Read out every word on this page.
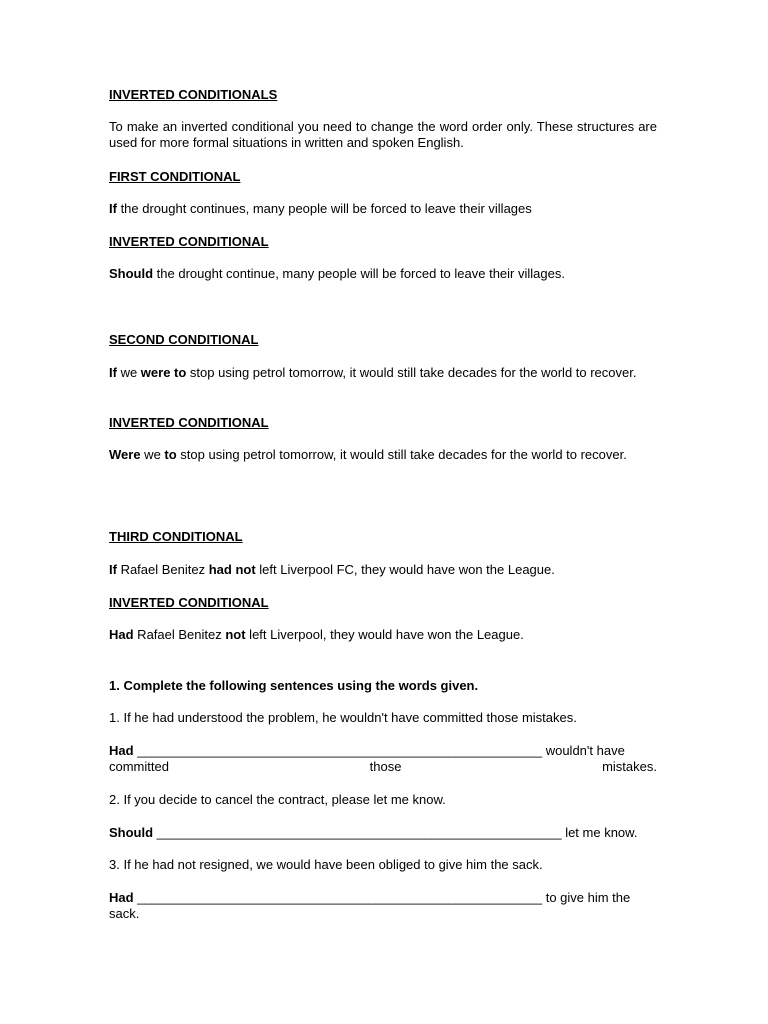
INVERTED CONDITIONALS

To make an inverted conditional you need to change the word order only. These structures are used for more formal situations in written and spoken English.

FIRST CONDITIONAL

If the drought continues, many people will be forced to leave their villages

INVERTED CONDITIONAL

Should the drought continue, many people will be forced to leave their villages.

SECOND CONDITIONAL

If we were to stop using petrol tomorrow, it would still take decades for the world to recover.

INVERTED CONDITIONAL

Were we to stop using petrol tomorrow, it would still take decades for the world to recover.

THIRD CONDITIONAL

If Rafael Benitez had not left Liverpool FC, they would have won the League.

INVERTED CONDITIONAL

Had Rafael Benitez not left Liverpool, they would have won the League.

1. Complete the following sentences using the words given.

1. If he had understood the problem, he wouldn't have committed those mistakes.

Had ________________________________________________________ wouldn't have committed those mistakes.

2. If you decide to cancel the contract, please let me know.

Should ________________________________________________________ let me know.

3. If he had not resigned, we would have been obliged to give him the sack.

Had ________________________________________________________ to give him the sack.
